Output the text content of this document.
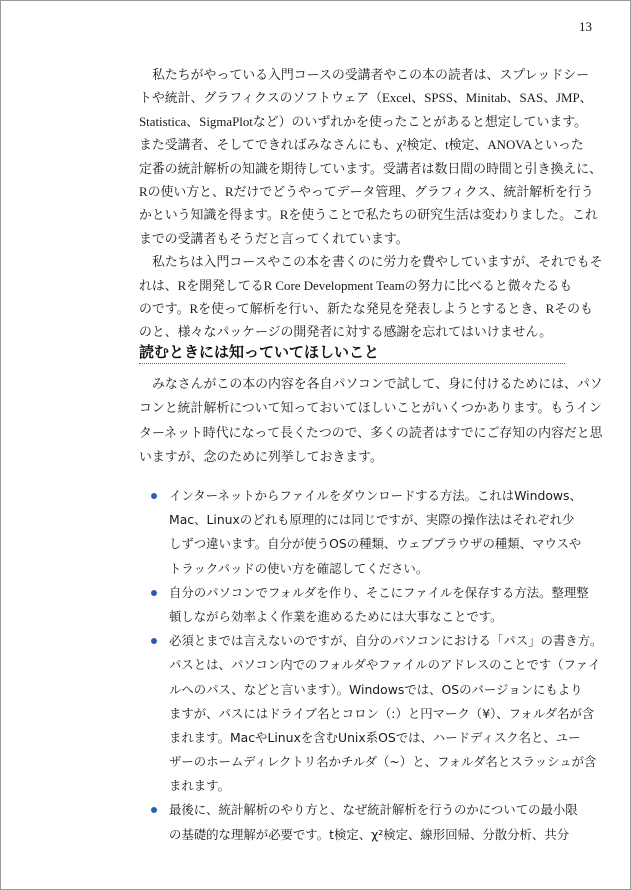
13
私たちがやっている入門コースの受講者やこの本の読者は、スプレッドシー
トや統計、グラフィクスのソフトウェア（Excel、SPSS、Minitab、SAS、JMP、
Statistica、SigmaPlotなど）のいずれかを使ったことがあると想定しています。
また受講者、そしてできればみなさんにも、χ²検定、t検定、ANOVAといった
定番の統計解析の知識を期待しています。受講者は数日間の時間と引き換えに、
Rの使い方と、Rだけでどうやってデータ管理、グラフィクス、統計解析を行う
かという知識を得ます。Rを使うことで私たちの研究生活は変わりました。これ
までの受講者もそうだと言ってくれています。
私たちは入門コースやこの本を書くのに労力を費やしていますが、それでもそ
れは、Rを開発してるR Core Development Teamの努力に比べると微々たるも
のです。Rを使って解析を行い、新たな発見を発表しようとするとき、Rそのも
のと、様々なパッケージの開発者に対する感謝を忘れてはいけません。
読むときには知っていてほしいこと
みなさんがこの本の内容を各自パソコンで試して、身に付けるためには、パソ
コンと統計解析について知っておいてほしいことがいくつかあります。もうイン
ターネット時代になって長くたつので、多くの読者はすでにご存知の内容だと思
いますが、念のために列挙しておきます。
インターネットからファイルをダウンロードする方法。これはWindows、
Mac、Linuxのどれも原理的には同じですが、実際の操作法はそれぞれ少
しずつ違います。自分が使うOSの種類、ウェブブラウザの種類、マウスや
トラックパッドの使い方を確認してください。
自分のパソコンでフォルダを作り、そこにファイルを保存する方法。整理整
頓しながら効率よく作業を進めるためには大事なことです。
必須とまでは言えないのですが、自分のパソコンにおける「パス」の書き方。
パスとは、パソコン内でのフォルダやファイルのアドレスのことです（ファイ
ルへのパス、などと言います）。Windowsでは、OSのバージョンにもより
ますが、パスにはドライブ名とコロン（:）と円マーク（¥）、フォルダ名が含
まれます。MacやLinuxを含むUnix系OSでは、ハードディスク名と、ユー
ザーのホームディレクトリ名かチルダ（~）と、フォルダ名とスラッシュが含
まれます。
最後に、統計解析のやり方と、なぜ統計解析を行うのかについての最小限
の基礎的な理解が必要です。t検定、χ²検定、線形回帰、分散分析、共分
